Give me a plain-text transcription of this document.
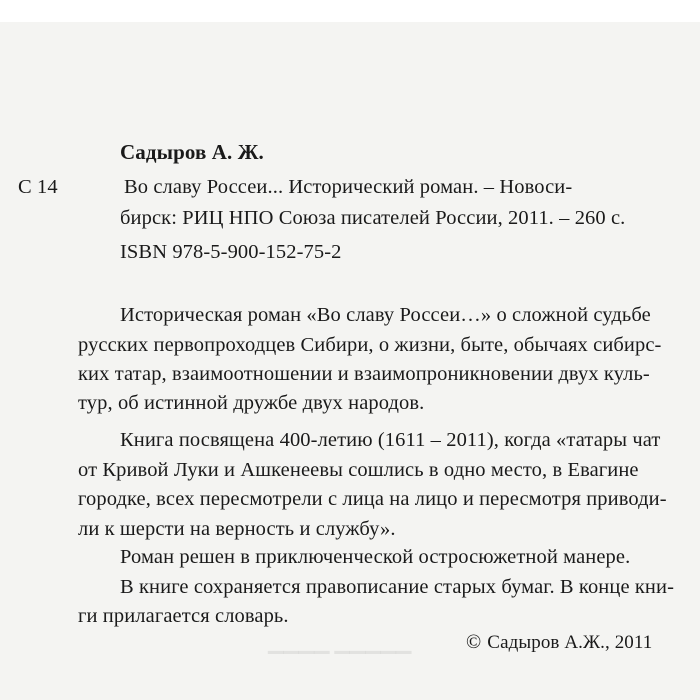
▁▁▁▁ ▁▁▁▁▁
Садыров А. Ж.
С 14	Во славу Россеи... Исторический роман. – Новоси-
бирск: РИЦ НПО Союза писателей России, 2011. – 260 с.
ISBN 978-5-900-152-75-2
Историческая роман «Во славу Россеи…» о сложной судьбе
русских первопроходцев Сибири, о жизни, быте, обычаях сибирс-
ких татар, взаимоотношении и взаимопроникновении двух куль-
тур, об истинной дружбе двух народов.
Книга посвящена 400-летию (1611 – 2011), когда «татары чат
от Кривой Луки и Ашкенеевы сошлись в одно место, в Евагине
городке, всех пересмотрели с лица на лицо и пересмотря приводи-
ли к шерсти на верность и службу».
Роман решен в приключенческой остросюжетной манере.
В книге сохраняется правописание старых бумаг. В конце кни-
ги прилагается словарь.
© Садыров А.Ж., 2011
